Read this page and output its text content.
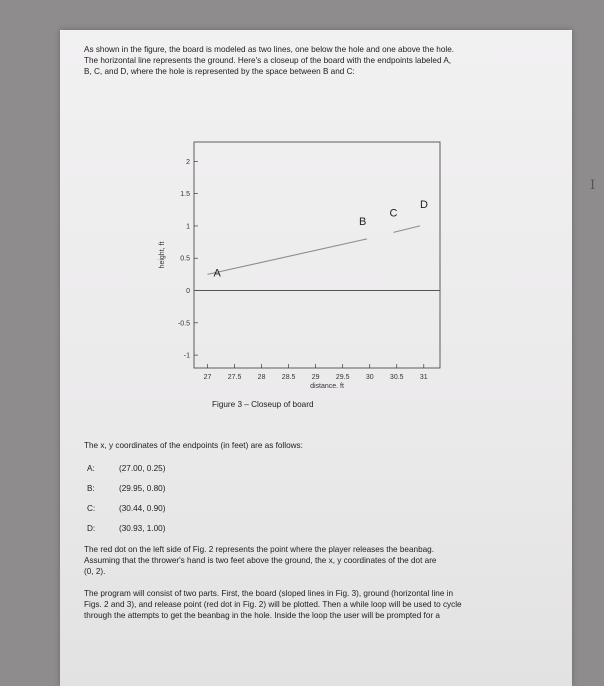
As shown in the figure, the board is modeled as two lines, one below the hole and one above the hole.
The horizontal line represents the ground. Here's a closeup of the board with the endpoints labeled A,
B, C, and D, where the hole is represented by the space between B and C:
2
1.5
1
0.5
0
-0.5
-1
27 27.5 28 28.5 29 29.5 30 30.5 31
distance, ft
height, ft
A
B
C
D
Figure 3 – Closeup of board
The x, y coordinates of the endpoints (in feet) are as follows:
A:	(27.00, 0.25)
B:	(29.95, 0.80)
C:	(30.44, 0.90)
D:	(30.93, 1.00)
The red dot on the left side of Fig. 2 represents the point where the player releases the beanbag.
Assuming that the thrower's hand is two feet above the ground, the x, y coordinates of the dot are
(0, 2).
The program will consist of two parts. First, the board (sloped lines in Fig. 3), ground (horizontal line in
Figs. 2 and 3), and release point (red dot in Fig. 2) will be plotted. Then a while loop will be used to cycle
through the attempts to get the beanbag in the hole. Inside the loop the user will be prompted for a
I
